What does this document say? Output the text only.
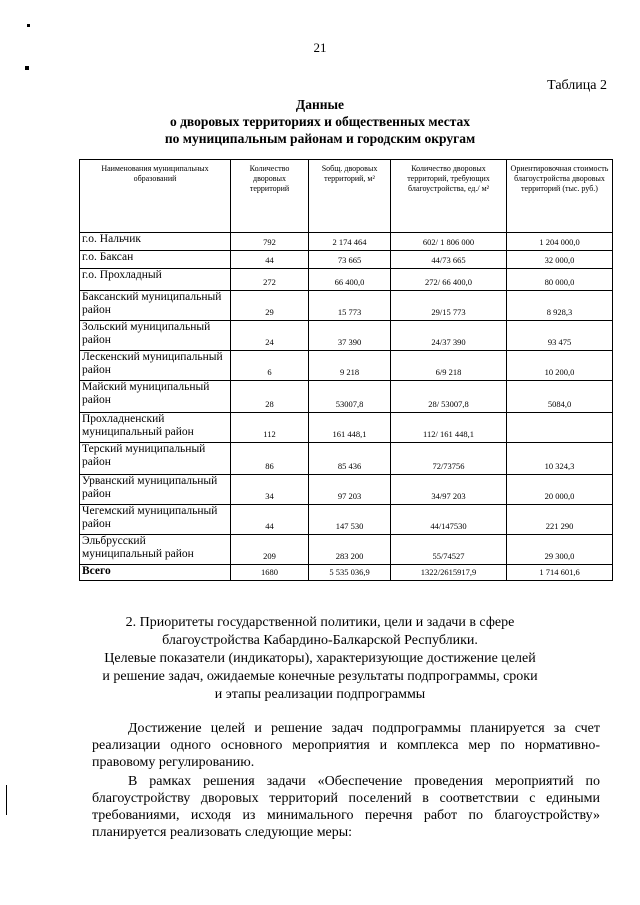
21
Таблица 2
Данные
о дворовых территориях и общественных местах
по муниципальным районам и городским округам
Наименования муниципальных образований	Количество дворовых территорий	Sобщ. дворовых территорий, м²	Количество дворовых территорий, требующих благоустройства, ед./ м²	Ориентировочная стоимость благоустройства дворовых территорий (тыс. руб.)
г.о. Нальчик	792	2 174 464	602/ 1 806 000	1 204 000,0
г.о. Баксан	44	73 665	44/73 665	32 000,0
г.о. Прохладный	272	66 400,0	272/ 66 400,0	80 000,0
Баксанский муниципальный район	29	15 773	29/15 773	8 928,3
Зольский муниципальный район	24	37 390	24/37 390	93 475
Лескенский муниципальный район	6	9 218	6/9 218	10 200,0
Майский муниципальный район	28	53007,8	28/ 53007,8	5084,0
Прохладненский муниципальный район	112	161 448,1	112/ 161 448,1	
Терский муниципальный район	86	85 436	72/73756	10 324,3
Урванский муниципальный район	34	97 203	34/97 203	20 000,0
Чегемский муниципальный район	44	147 530	44/147530	221 290
Эльбрусский муниципальный район	209	283 200	55/74527	29 300,0
Всего	1680	5 535 036,9	1322/2615917,9	1 714 601,6
2. Приоритеты государственной политики, цели и задачи в сфере
благоустройства Кабардино-Балкарской Республики.
Целевые показатели (индикаторы), характеризующие достижение целей
и решение задач, ожидаемые конечные результаты подпрограммы, сроки
и этапы реализации подпрограммы
Достижение целей и решение задач подпрограммы планируется за счет реализации одного основного мероприятия и комплекса мер по нормативно-правовому регулированию.
В рамках решения задачи «Обеспечение проведения мероприятий по благоустройству дворовых территорий поселений в соответствии с едиными требованиями, исходя из минимального перечня работ по благоустройству» планируется реализовать следующие меры:
